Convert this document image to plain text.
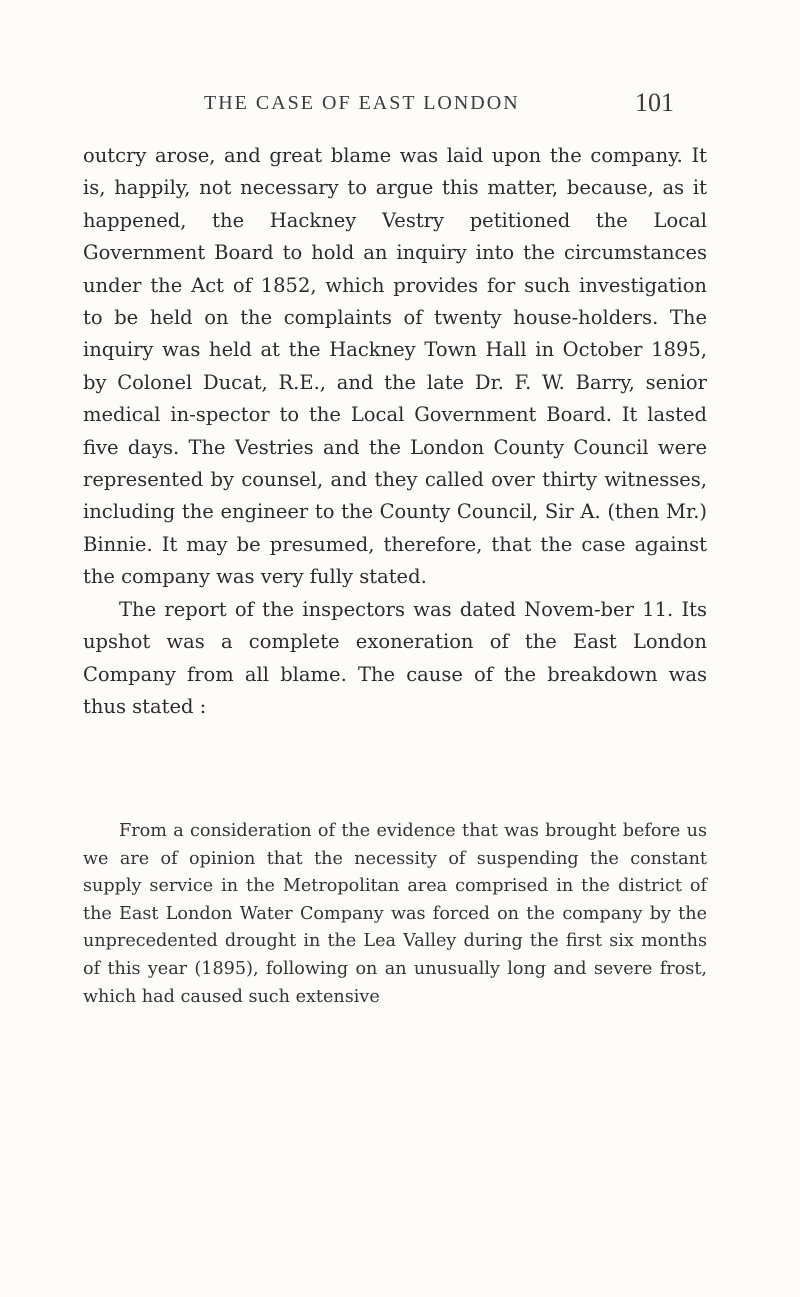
THE CASE OF EAST LONDON	101

outcry arose, and great blame was laid upon the company. It is, happily, not necessary to argue this matter, because, as it happened, the Hackney Vestry petitioned the Local Government Board to hold an inquiry into the circumstances under the Act of 1852, which provides for such investigation to be held on the complaints of twenty house-holders. The inquiry was held at the Hackney Town Hall in October 1895, by Colonel Ducat, R.E., and the late Dr. F. W. Barry, senior medical in-spector to the Local Government Board. It lasted five days. The Vestries and the London County Council were represented by counsel, and they called over thirty witnesses, including the engineer to the County Council, Sir A. (then Mr.) Binnie. It may be presumed, therefore, that the case against the company was very fully stated.

The report of the inspectors was dated Novem-ber 11. Its upshot was a complete exoneration of the East London Company from all blame. The cause of the breakdown was thus stated :

From a consideration of the evidence that was brought before us we are of opinion that the necessity of suspending the constant supply service in the Metropolitan area comprised in the district of the East London Water Company was forced on the company by the unprecedented drought in the Lea Valley during the first six months of this year (1895), following on an unusually long and severe frost, which had caused such extensive
